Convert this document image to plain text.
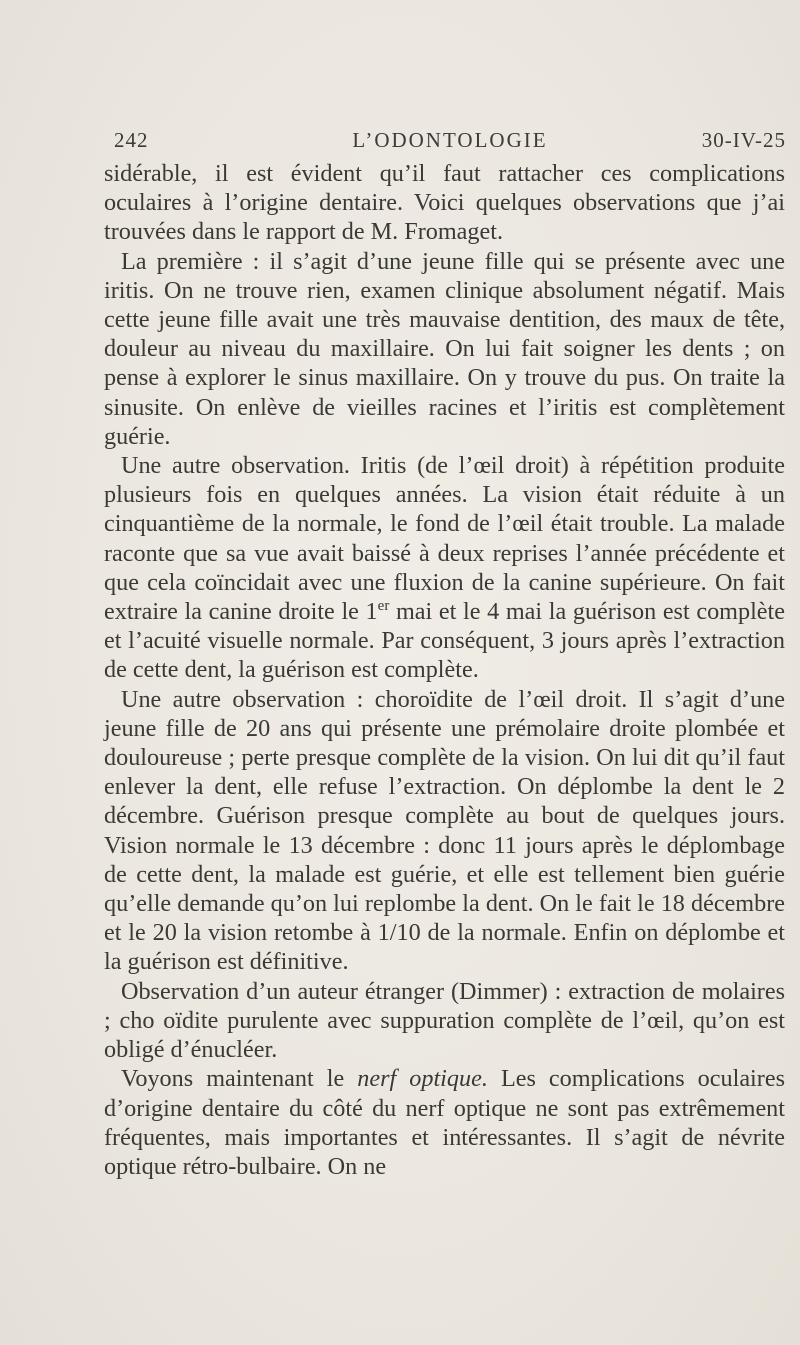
242	L’ODONTOLOGIE	30-IV-25

sidérable, il est évident qu’il faut rattacher ces complications oculaires à l’origine dentaire. Voici quelques observations que j’ai trouvées dans le rapport de M. Fromaget.

La première : il s’agit d’une jeune fille qui se présente avec une iritis. On ne trouve rien, examen clinique absolument négatif. Mais cette jeune fille avait une très mauvaise dentition, des maux de tête, douleur au niveau du maxillaire. On lui fait soigner les dents ; on pense à explorer le sinus maxillaire. On y trouve du pus. On traite la sinusite. On enlève de vieilles racines et l’iritis est complètement guérie.

Une autre observation. Iritis (de l’œil droit) à répétition produite plusieurs fois en quelques années. La vision était réduite à un cinquantième de la normale, le fond de l’œil était trouble. La malade raconte que sa vue avait baissé à deux reprises l’année précédente et que cela coïncidait avec une fluxion de la canine supérieure. On fait extraire la canine droite le 1er mai et le 4 mai la guérison est complète et l’acuité visuelle normale. Par conséquent, 3 jours après l’extraction de cette dent, la guérison est complète.

Une autre observation : choroïdite de l’œil droit. Il s’agit d’une jeune fille de 20 ans qui présente une prémolaire droite plombée et douloureuse ; perte presque complète de la vision. On lui dit qu’il faut enlever la dent, elle refuse l’extraction. On déplombe la dent le 2 décembre. Guérison presque complète au bout de quelques jours. Vision normale le 13 décembre : donc 11 jours après le déplombage de cette dent, la malade est guérie, et elle est tellement bien guérie qu’elle demande qu’on lui replombe la dent. On le fait le 18 décembre et le 20 la vision retombe à 1/10 de la normale. Enfin on déplombe et la guérison est définitive.

Observation d’un auteur étranger (Dimmer) : extraction de molaires ; cho oïdite purulente avec suppuration complète de l’œil, qu’on est obligé d’énucléer.

Voyons maintenant le nerf optique. Les complications oculaires d’origine dentaire du côté du nerf optique ne sont pas extrêmement fréquentes, mais importantes et intéressantes. Il s’agit de névrite optique rétro-bulbaire. On ne
